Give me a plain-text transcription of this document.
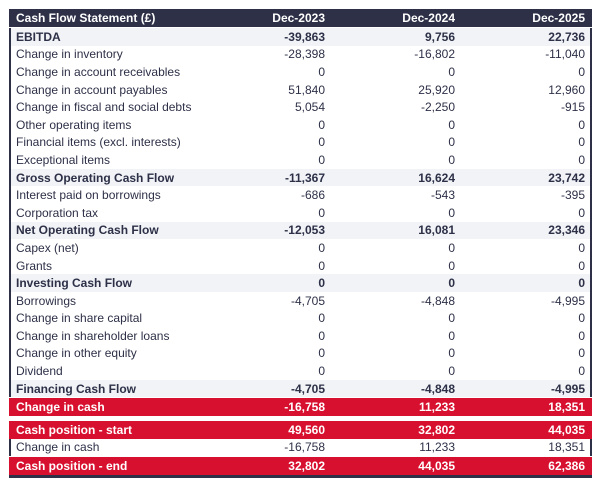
Cash Flow Statement (£)	Dec-2023	Dec-2024	Dec-2025
EBITDA	-39,863	9,756	22,736
Change in inventory	-28,398	-16,802	-11,040
Change in account receivables	0	0	0
Change in account payables	51,840	25,920	12,960
Change in fiscal and social debts	5,054	-2,250	-915
Other operating items	0	0	0
Financial items (excl. interests)	0	0	0
Exceptional items	0	0	0
Gross Operating Cash Flow	-11,367	16,624	23,742
Interest paid on borrowings	-686	-543	-395
Corporation tax	0	0	0
Net Operating Cash Flow	-12,053	16,081	23,346
Capex (net)	0	0	0
Grants	0	0	0
Investing Cash Flow	0	0	0
Borrowings	-4,705	-4,848	-4,995
Change in share capital	0	0	0
Change in shareholder loans	0	0	0
Change in other equity	0	0	0
Dividend	0	0	0
Financing Cash Flow	-4,705	-4,848	-4,995
Change in cash	-16,758	11,233	18,351
Cash position - start	49,560	32,802	44,035
Change in cash	-16,758	11,233	18,351
Cash position - end	32,802	44,035	62,386
